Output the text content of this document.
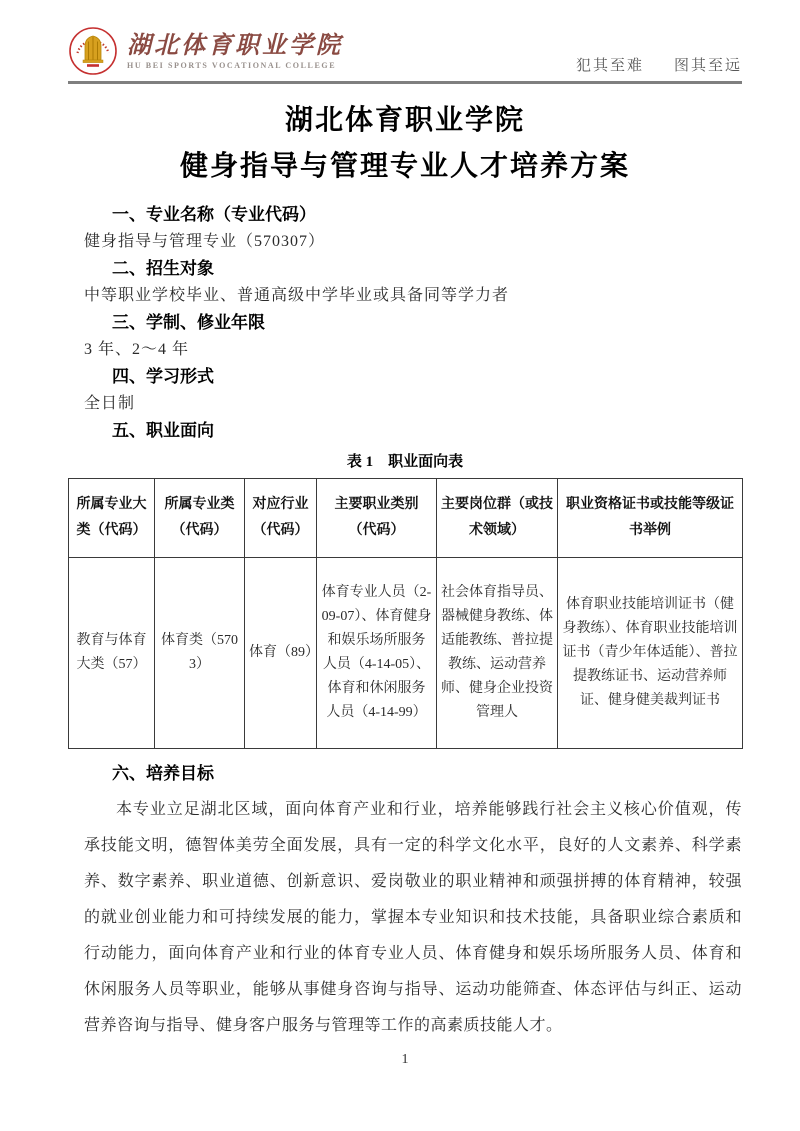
湖北体育职业学院
HU BEI SPORTS VOCATIONAL COLLEGE	犯其至难 图其至远
湖北体育职业学院
健身指导与管理专业人才培养方案
一、专业名称（专业代码）
健身指导与管理专业（570307）
二、招生对象
中等职业学校毕业、普通高级中学毕业或具备同等学力者
三、学制、修业年限
3 年、2～4 年
四、学习形式
全日制
五、职业面向
表 1　职业面向表
所属专业大类（代码）	所属专业类（代码）	对应行业（代码）	主要职业类别（代码）	主要岗位群（或技术领域）	职业资格证书或技能等级证书举例
教育与体育大类（57）	体育类（5703）	体育（89）	体育专业人员（2-09-07）、体育健身和娱乐场所服务人员（4-14-05）、体育和休闲服务人员（4-14-99）	社会体育指导员、器械健身教练、体适能教练、普拉提教练、运动营养师、健身企业投资管理人	体育职业技能培训证书（健身教练）、体育职业技能培训证书（青少年体适能）、普拉提教练证书、运动营养师证、健身健美裁判证书
六、培养目标

本专业立足湖北区域，面向体育产业和行业，培养能够践行社会主义核心价值观，传承技能文明，德智体美劳全面发展，具有一定的科学文化水平，良好的人文素养、科学素养、数字素养、职业道德、创新意识、爱岗敬业的职业精神和顽强拼搏的体育精神，较强的就业创业能力和可持续发展的能力，掌握本专业知识和技术技能，具备职业综合素质和行动能力，面向体育产业和行业的体育专业人员、体育健身和娱乐场所服务人员、体育和休闲服务人员等职业，能够从事健身咨询与指导、运动功能筛查、体态评估与纠正、运动营养咨询与指导、健身客户服务与管理等工作的高素质技能人才。

1
